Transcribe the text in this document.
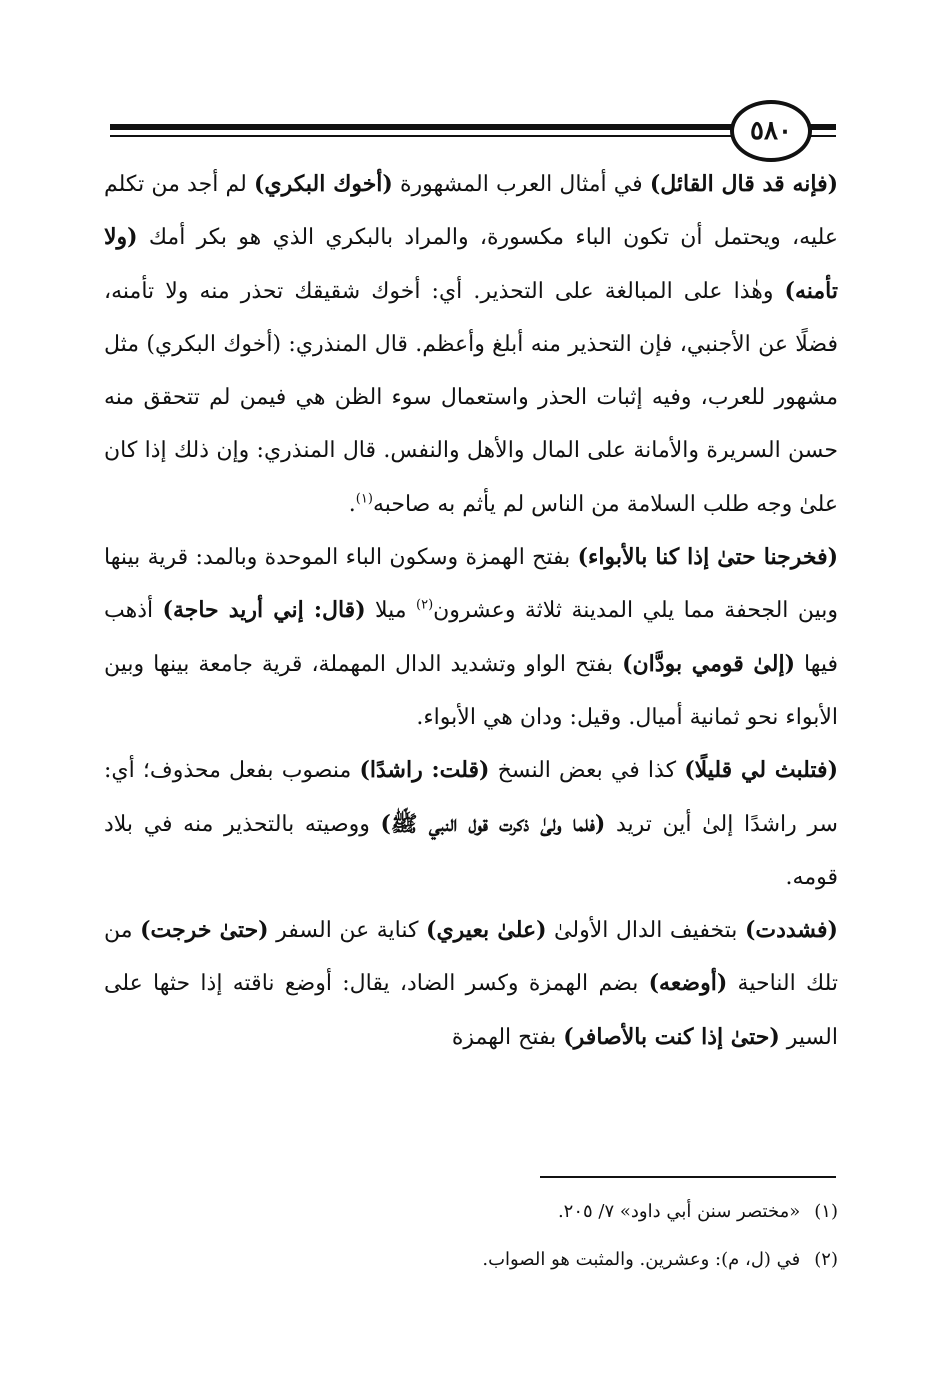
٥٨٠

(فإنه قد قال القائل) في أمثال العرب المشهورة (أخوك البكري) لم أجد من تكلم عليه، ويحتمل أن تكون الباء مكسورة، والمراد بالبكري الذي هو بكر أمك (ولا تأمنه) وهٰذا على المبالغة على التحذير. أي: أخوك شقيقك تحذر منه ولا تأمنه، فضلًا عن الأجنبي، فإن التحذير منه أبلغ وأعظم. قال المنذري: (أخوك البكري) مثل مشهور للعرب، وفيه إثبات الحذر واستعمال سوء الظن هي فيمن لم تتحقق منه حسن السريرة والأمانة على المال والأهل والنفس. قال المنذري: وإن ذلك إذا كان علىٰ وجه طلب السلامة من الناس لم يأثم به صاحبه$^{(١)}$.

(فخرجنا حتىٰ إذا كنا بالأبواء) بفتح الهمزة وسكون الباء الموحدة وبالمد: قرية بينها وبين الجحفة مما يلي المدينة ثلاثة وعشرون$^{(٢)}$ ميلا (قال: إني أريد حاجة) أذهب فيها (إلىٰ قومي بودَّان) بفتح الواو وتشديد الدال المهملة، قرية جامعة بينها وبين الأبواء نحو ثمانية أميال. وقيل: ودان هي الأبواء.

(فتلبث لي قليلًا) كذا في بعض النسخ (قلت: راشدًا) منصوب بفعل محذوف؛ أي: سر راشدًا إلىٰ أين تريد (فلما ولىٰ ذكرت قول النبي ﷺ) ووصيته بالتحذير منه في بلاد قومه.

(فشددت) بتخفيف الدال الأولىٰ (علىٰ بعيري) كناية عن السفر (حتىٰ خرجت) من تلك الناحية (أوضعه) بضم الهمزة وكسر الضاد، يقال: أوضع ناقته إذا حثها على السير (حتىٰ إذا كنت بالأصافر) بفتح الهمزة

(١)«مختصر سنن أبي داود» ٧/ ٢٠٥.

(٢)في (ل، م): وعشرين. والمثبت هو الصواب.
